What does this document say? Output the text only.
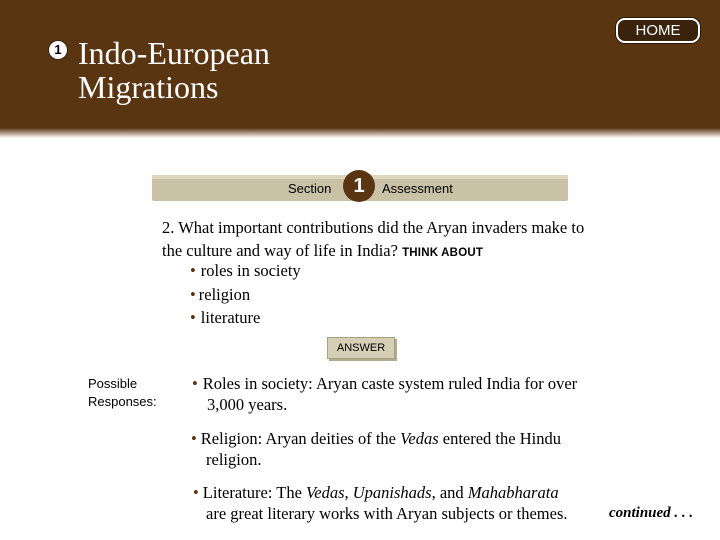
1 Indo-European
Migrations
HOME
Section	1	Assessment
2. What important contributions did the Aryan invaders make to the culture and way of life in India? THINK ABOUT
• roles in society
• religion
• literature
ANSWER
Possible
Responses:
• Roles in society: Aryan caste system ruled India for over
3,000 years.
• Religion: Aryan deities of the Vedas entered the Hindu
religion.
• Literature: The Vedas, Upanishads, and Mahabharata
are great literary works with Aryan subjects or themes.	continued . . .
